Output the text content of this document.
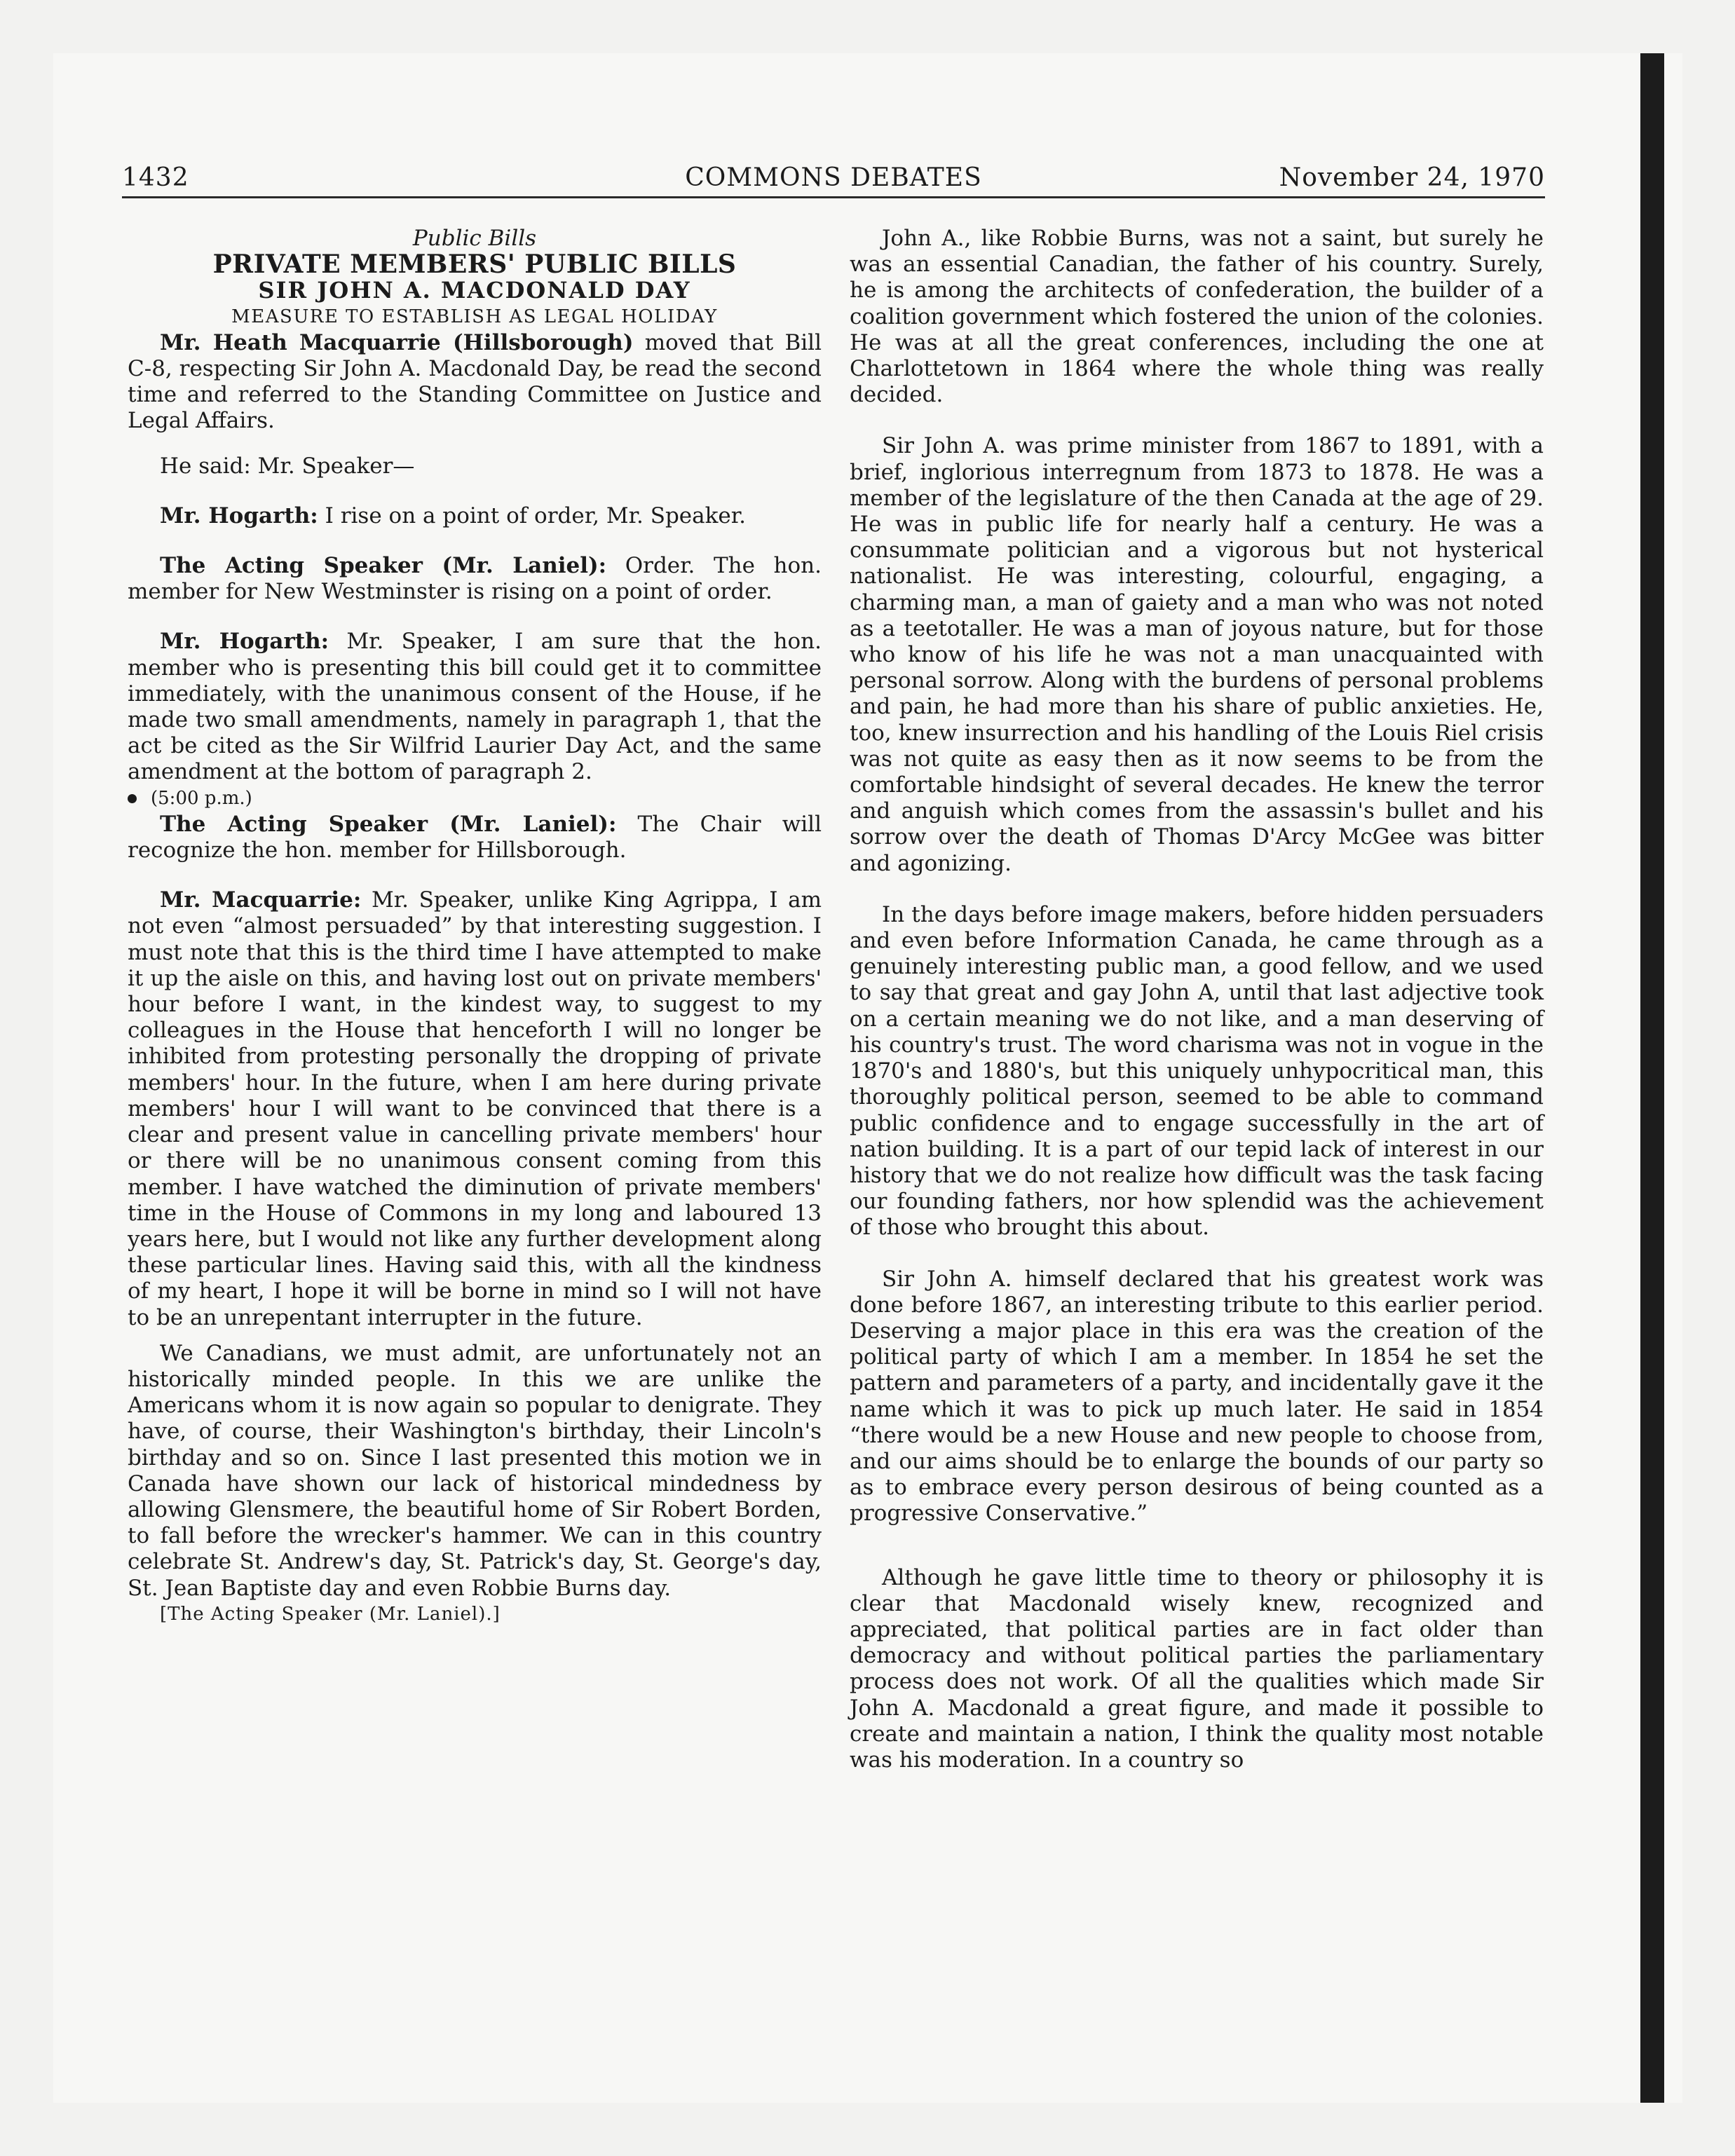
1432	COMMONS DEBATES	November 24, 1970

Public Bills

PRIVATE MEMBERS' PUBLIC BILLS

SIR JOHN A. MACDONALD DAY

MEASURE TO ESTABLISH AS LEGAL HOLIDAY

Mr. Heath Macquarrie (Hillsborough) moved that Bill C-8, respecting Sir John A. Macdonald Day, be read the second time and referred to the Standing Committee on Justice and Legal Affairs.

He said: Mr. Speaker—

Mr. Hogarth: I rise on a point of order, Mr. Speaker.

The Acting Speaker (Mr. Laniel): Order. The hon. member for New Westminster is rising on a point of order.

Mr. Hogarth: Mr. Speaker, I am sure that the hon. member who is presenting this bill could get it to committee immediately, with the unanimous consent of the House, if he made two small amendments, namely in paragraph 1, that the act be cited as the Sir Wilfrid Laurier Day Act, and the same amendment at the bottom of paragraph 2.

(5:00 p.m.)

The Acting Speaker (Mr. Laniel): The Chair will recognize the hon. member for Hillsborough.

Mr. Macquarrie: Mr. Speaker, unlike King Agrippa, I am not even “almost persuaded” by that interesting suggestion. I must note that this is the third time I have attempted to make it up the aisle on this, and having lost out on private members' hour before I want, in the kindest way, to suggest to my colleagues in the House that henceforth I will no longer be inhibited from protesting personally the dropping of private members' hour. In the future, when I am here during private members' hour I will want to be convinced that there is a clear and present value in cancelling private members' hour or there will be no unanimous consent coming from this member. I have watched the diminution of private members' time in the House of Commons in my long and laboured 13 years here, but I would not like any further development along these particular lines. Having said this, with all the kindness of my heart, I hope it will be borne in mind so I will not have to be an unrepentant interrupter in the future.

We Canadians, we must admit, are unfortunately not an historically minded people. In this we are unlike the Americans whom it is now again so popular to denigrate. They have, of course, their Washington's birthday, their Lincoln's birthday and so on. Since I last presented this motion we in Canada have shown our lack of historical mindedness by allowing Glensmere, the beautiful home of Sir Robert Borden, to fall before the wrecker's hammer. We can in this country celebrate St. Andrew's day, St. Patrick's day, St. George's day, St. Jean Baptiste day and even Robbie Burns day.

[The Acting Speaker (Mr. Laniel).]

John A., like Robbie Burns, was not a saint, but surely he was an essential Canadian, the father of his country. Surely, he is among the architects of confederation, the builder of a coalition government which fostered the union of the colonies. He was at all the great conferences, including the one at Charlottetown in 1864 where the whole thing was really decided.

Sir John A. was prime minister from 1867 to 1891, with a brief, inglorious interregnum from 1873 to 1878. He was a member of the legislature of the then Canada at the age of 29. He was in public life for nearly half a century. He was a consummate politician and a vigorous but not hysterical nationalist. He was interesting, colourful, engaging, a charming man, a man of gaiety and a man who was not noted as a teetotaller. He was a man of joyous nature, but for those who know of his life he was not a man unacquainted with personal sorrow. Along with the burdens of personal problems and pain, he had more than his share of public anxieties. He, too, knew insurrection and his handling of the Louis Riel crisis was not quite as easy then as it now seems to be from the comfortable hindsight of several decades. He knew the terror and anguish which comes from the assassin's bullet and his sorrow over the death of Thomas D'Arcy McGee was bitter and agonizing.

In the days before image makers, before hidden persuaders and even before Information Canada, he came through as a genuinely interesting public man, a good fellow, and we used to say that great and gay John A, until that last adjective took on a certain meaning we do not like, and a man deserving of his country's trust. The word charisma was not in vogue in the 1870's and 1880's, but this uniquely unhypocritical man, this thoroughly political person, seemed to be able to command public confidence and to engage successfully in the art of nation building. It is a part of our tepid lack of interest in our history that we do not realize how difficult was the task facing our founding fathers, nor how splendid was the achievement of those who brought this about.

Sir John A. himself declared that his greatest work was done before 1867, an interesting tribute to this earlier period. Deserving a major place in this era was the creation of the political party of which I am a member. In 1854 he set the pattern and parameters of a party, and incidentally gave it the name which it was to pick up much later. He said in 1854 “there would be a new House and new people to choose from, and our aims should be to enlarge the bounds of our party so as to embrace every person desirous of being counted as a progressive Conservative.”

Although he gave little time to theory or philosophy it is clear that Macdonald wisely knew, recognized and appreciated, that political parties are in fact older than democracy and without political parties the parliamentary process does not work. Of all the qualities which made Sir John A. Macdonald a great figure, and made it possible to create and maintain a nation, I think the quality most notable was his moderation. In a country so
